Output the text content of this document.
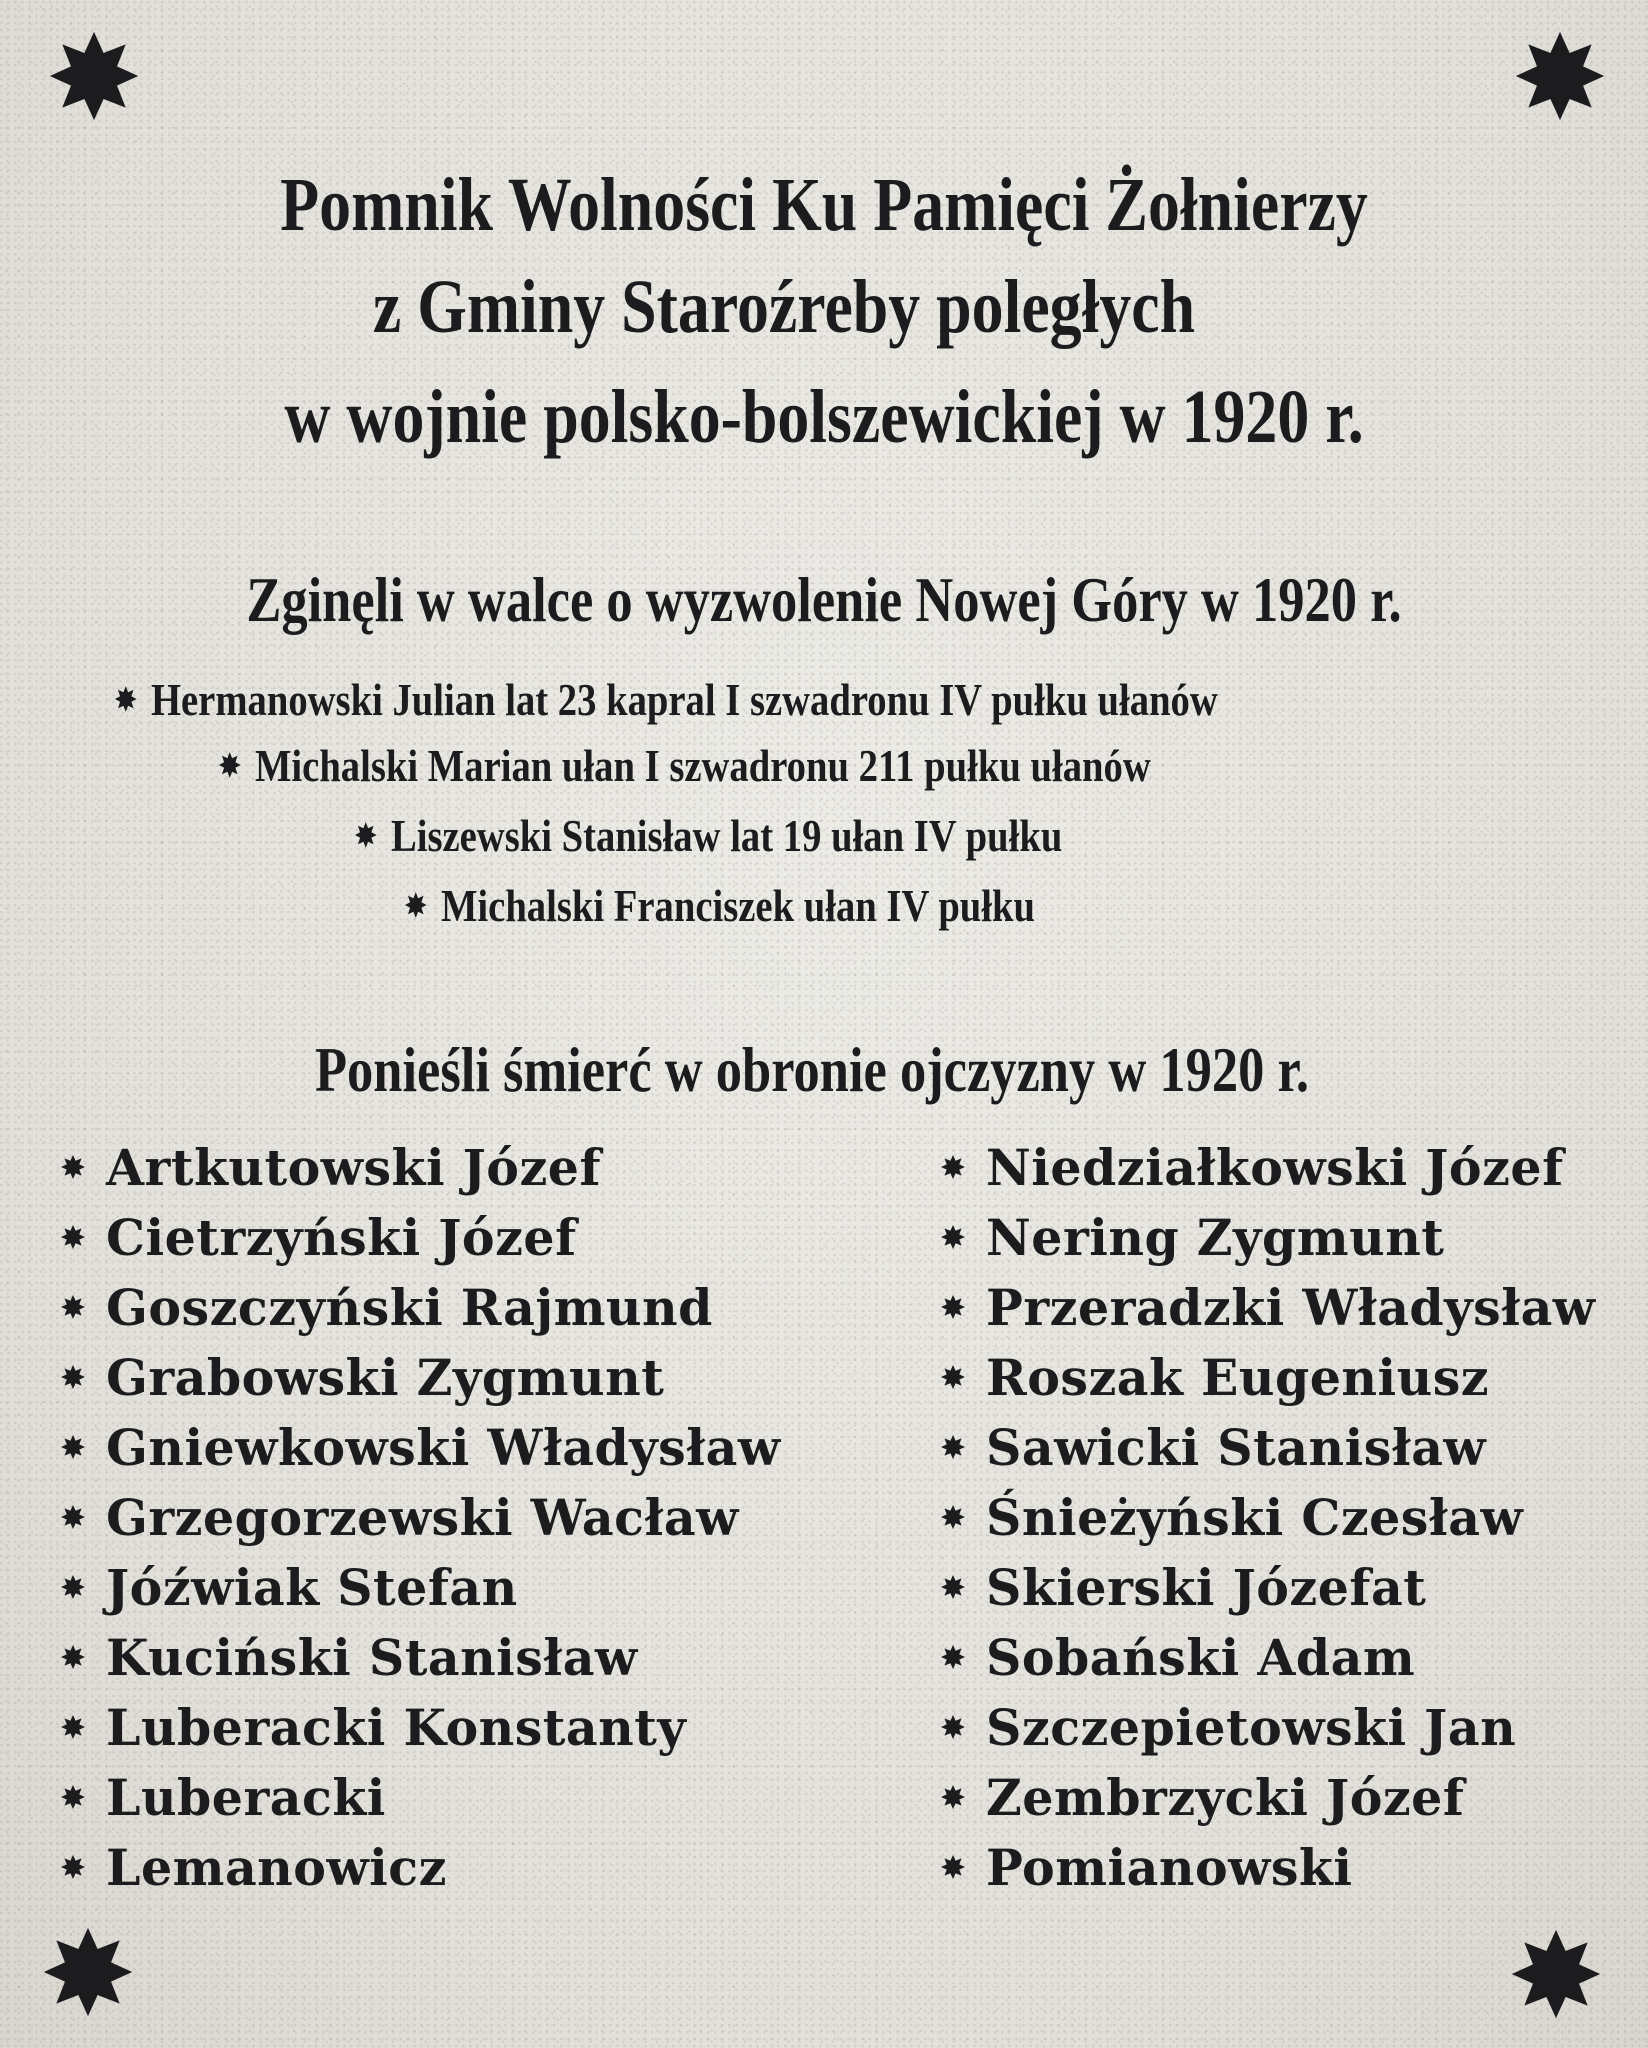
Pomnik Wolności Ku Pamięci Żołnierzy
z Gminy Staroźreby poległych
w wojnie polsko-bolszewickiej w 1920 r.
Zginęli w walce o wyzwolenie Nowej Góry w 1920 r.
Hermanowski Julian lat 23 kapral I szwadronu IV pułku ułanów
Michalski Marian ułan I szwadronu 211 pułku ułanów
Liszewski Stanisław lat 19 ułan IV pułku
Michalski Franciszek ułan IV pułku
Ponieśli śmierć w obronie ojczyzny w 1920 r.
Artkutowski Józef
Cietrzyński Józef
Goszczyński Rajmund
Grabowski Zygmunt
Gniewkowski Władysław
Grzegorzewski Wacław
Jóźwiak Stefan
Kuciński Stanisław
Luberacki Konstanty
Luberacki
Lemanowicz
Niedziałkowski Józef
Nering Zygmunt
Przeradzki Władysław
Roszak Eugeniusz
Sawicki Stanisław
Śnieżyński Czesław
Skierski Józefat
Sobański Adam
Szczepietowski Jan
Zembrzycki Józef
Pomianowski
